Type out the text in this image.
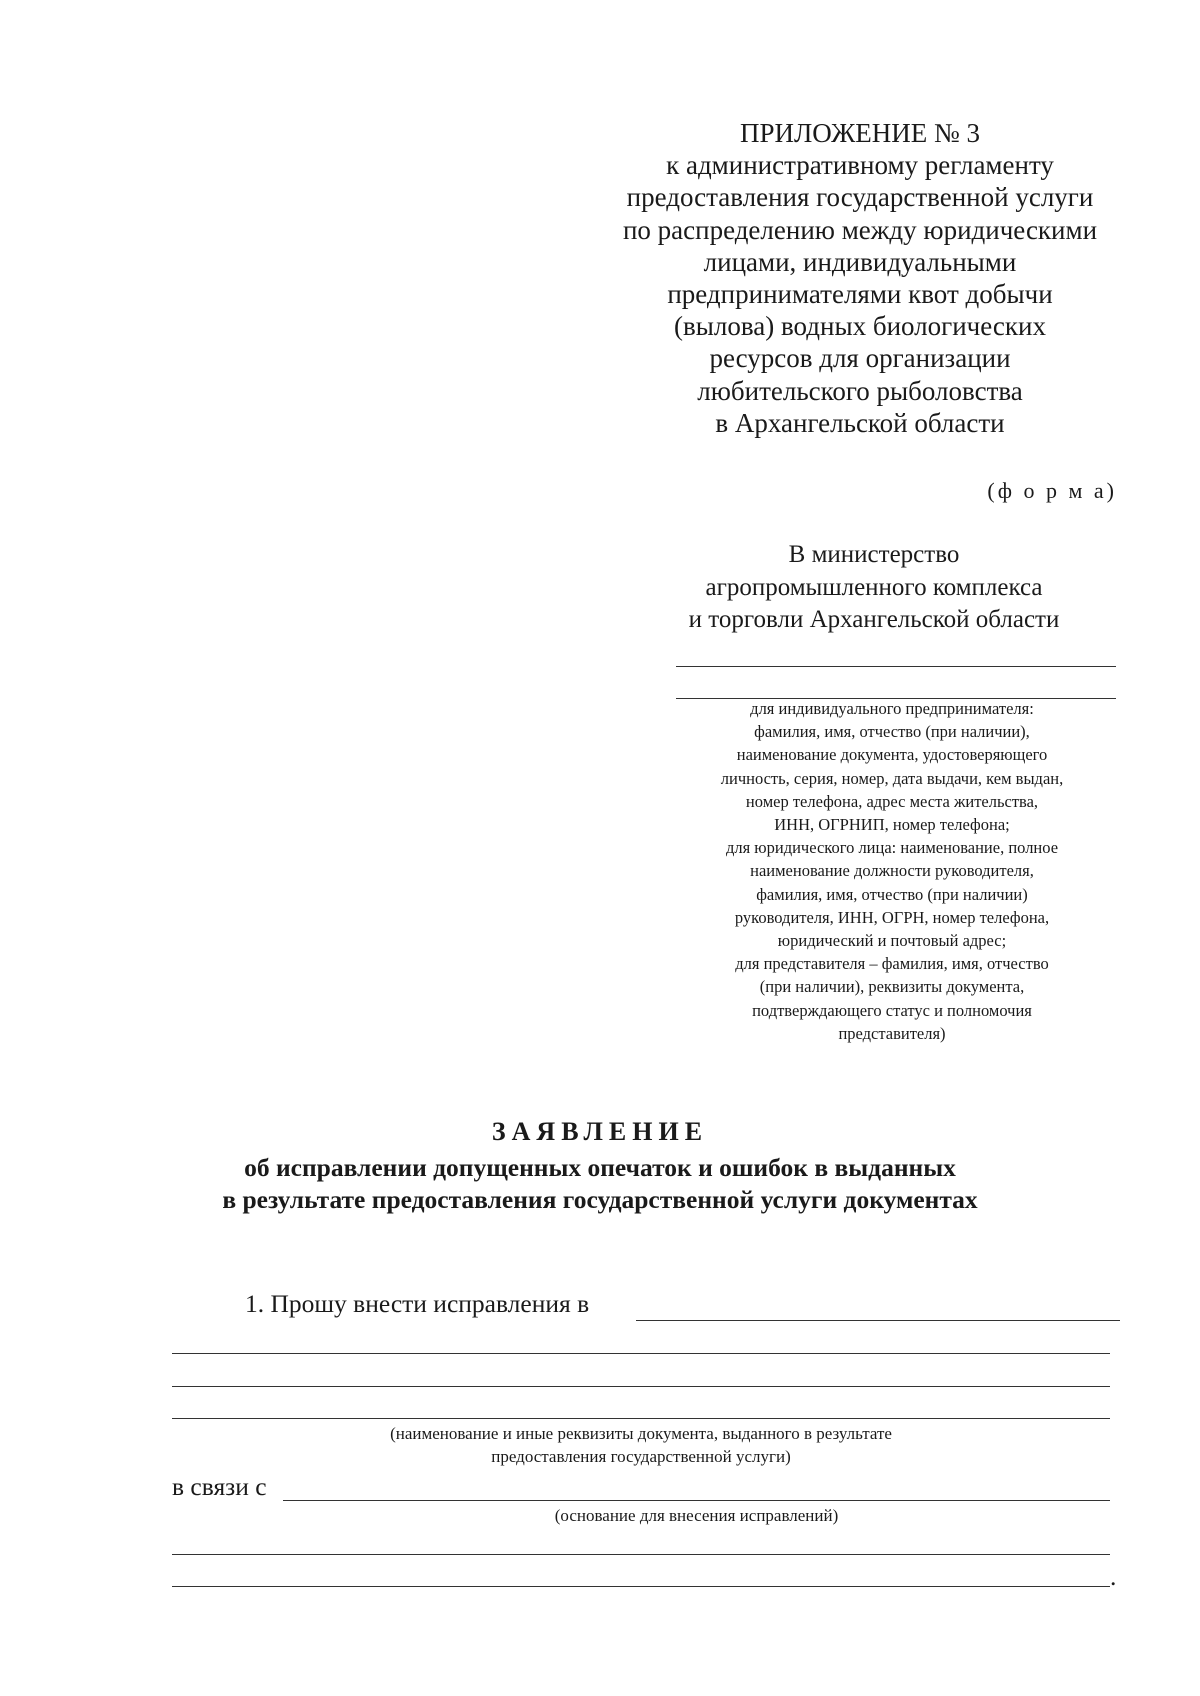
ПРИЛОЖЕНИЕ № 3
к административному регламенту
предоставления государственной услуги
по распределению между юридическими
лицами, индивидуальными
предпринимателями квот добычи
(вылова) водных биологических
ресурсов для организации
любительского рыболовства
в Архангельской области
(ф о р м а)
В министерство
агропромышленного комплекса
и торговли Архангельской области
для индивидуального предпринимателя:
фамилия, имя, отчество (при наличии),
наименование документа, удостоверяющего
личность, серия, номер, дата выдачи, кем выдан,
номер телефона, адрес места жительства,
ИНН, ОГРНИП, номер телефона;
для юридического лица: наименование, полное
наименование должности руководителя,
фамилия, имя, отчество (при наличии)
руководителя, ИНН, ОГРН, номер телефона,
юридический и почтовый адрес;
для представителя – фамилия, имя, отчество
(при наличии), реквизиты документа,
подтверждающего статус и полномочия
представителя)
ЗАЯВЛЕНИЕ
об исправлении допущенных опечаток и ошибок в выданных
в результате предоставления государственной услуги документах
1. Прошу внести исправления в
(наименование и иные реквизиты документа, выданного в результате
предоставления государственной услуги)
в связи с
(основание для внесения исправлений)
.
